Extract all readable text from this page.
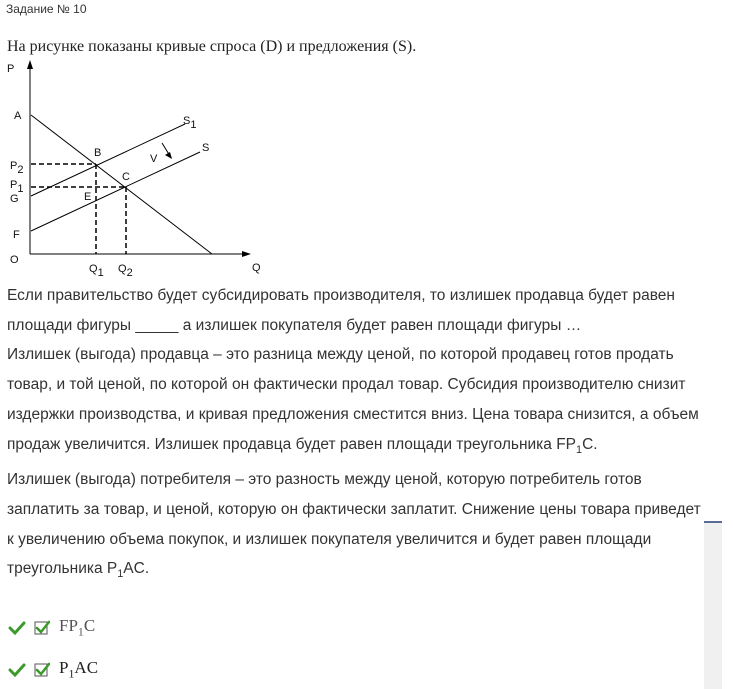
Задание № 10
На рисунке показаны кривые спроса (D) и предложения (S).
P
Q
O
A
F
G
B
C
E
V
S
S1
P2
P1
Q1 Q2

Если правительство будет субсидировать производителя, то излишек продавца будет равен площади фигуры _____ а излишек покупателя будет равен площади фигуры …

Излишек (выгода) продавца – это разница между ценой, по которой продавец готов продать товар, и той ценой, по которой он фактически продал товар. Субсидия производителю снизит издержки производства, и кривая предложения сместится вниз. Цена товара снизится, а объем продаж увеличится. Излишек продавца будет равен площади треугольника $FP_1C$.

Излишек (выгода) потребителя – это разность между ценой, которую потребитель готов заплатить за товар, и ценой, которую он фактически заплатит. Снижение цены товара приведет к увеличению объема покупок, и излишек покупателя увеличится и будет равен площади треугольника $P_1AC$.

$FP_1C$
$P_1AC$
